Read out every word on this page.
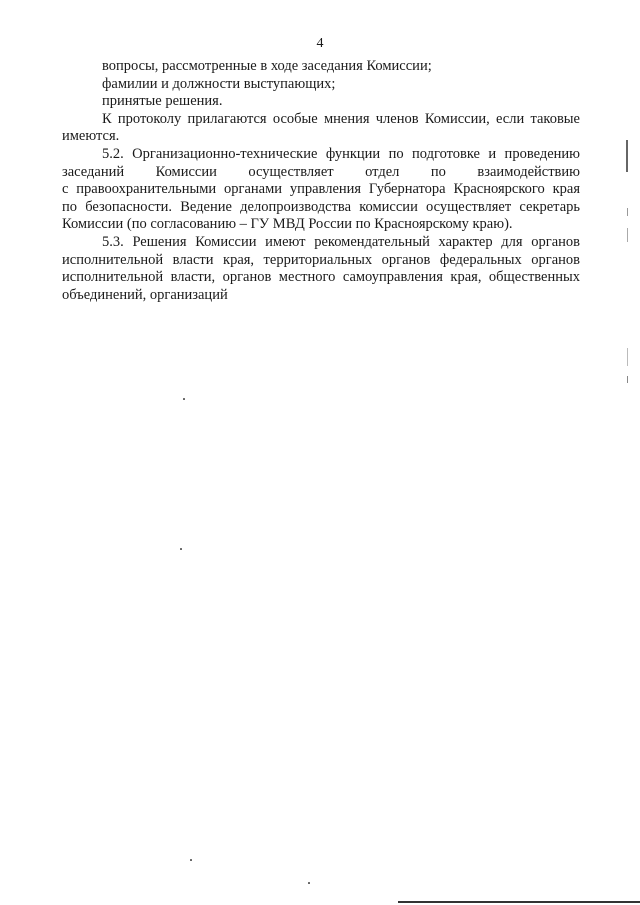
4
вопросы, рассмотренные в ходе заседания Комиссии;
фамилии и должности выступающих;
принятые решения.
К протоколу прилагаются особые мнения членов Комиссии, если таковые
имеются.
5.2. Организационно-технические функции по подготовке и проведению
заседаний Комиссии осуществляет отдел по взаимодействию
с правоохранительными органами управления Губернатора Красноярского края
по безопасности. Ведение делопроизводства комиссии осуществляет секретарь
Комиссии (по согласованию – ГУ МВД России по Красноярскому краю).
5.3. Решения Комиссии имеют рекомендательный характер для органов
исполнительной власти края, территориальных органов федеральных органов
исполнительной власти, органов местного самоуправления края, общественных
объединений, организаций
